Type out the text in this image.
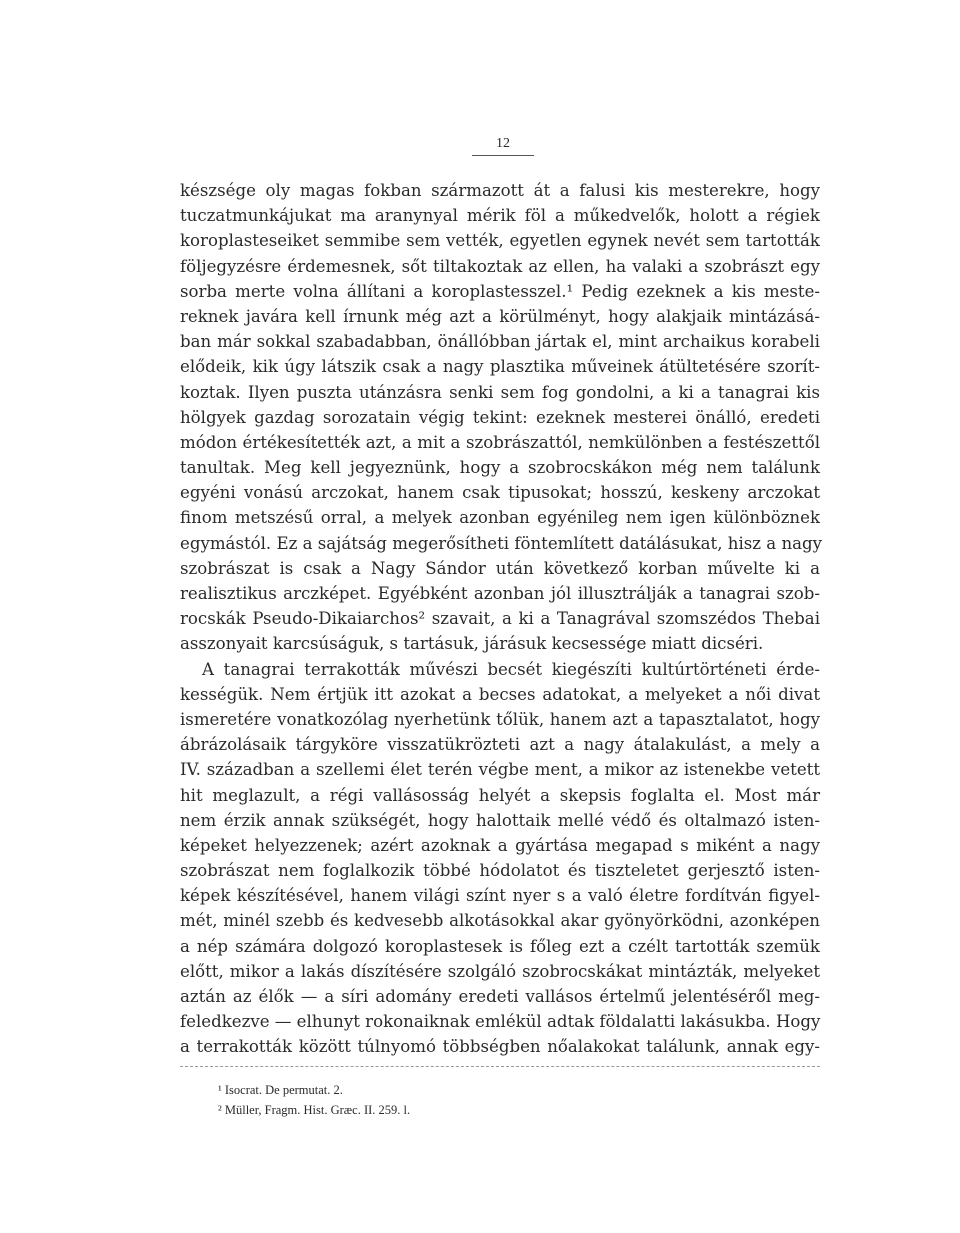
12
készsége oly magas fokban származott át a falusi kis mesterekre, hogy
tuczatmunkájukat ma aranynyal mérik föl a műkedvelők, holott a régiek
koroplasteseiket semmibe sem vették, egyetlen egynek nevét sem tartották
följegyzésre érdemesnek, sőt tiltakoztak az ellen, ha valaki a szobrászt egy
sorba merte volna állítani a koroplastesszel.¹ Pedig ezeknek a kis meste-
reknek javára kell írnunk még azt a körülményt, hogy alakjaik mintázásá-
ban már sokkal szabadabban, önállóbban jártak el, mint archaikus korabeli
elődeik, kik úgy látszik csak a nagy plasztika műveinek átültetésére szorít-
koztak. Ilyen puszta utánzásra senki sem fog gondolni, a ki a tanagrai kis
hölgyek gazdag sorozatain végig tekint: ezeknek mesterei önálló, eredeti
módon értékesítették azt, a mit a szobrászattól, nemkülönben a festészettől
tanultak. Meg kell jegyeznünk, hogy a szobrocskákon még nem találunk
egyéni vonású arczokat, hanem csak tipusokat; hosszú, keskeny arczokat
finom metszésű orral, a melyek azonban egyénileg nem igen különböznek
egymástól. Ez a sajátság megerősítheti föntemlített datálásukat, hisz a nagy
szobrászat is csak a Nagy Sándor után következő korban művelte ki a
realisztikus arczképet. Egyébként azonban jól illusztrálják a tanagrai szob-
rocskák Pseudo-Dikaiarchos² szavait, a ki a Tanagrával szomszédos Thebai
asszonyait karcsúságuk, s tartásuk, járásuk kecsessége miatt dicséri.
A tanagrai terrakották művészi becsét kiegészíti kultúrtörténeti érde-
kességük. Nem értjük itt azokat a becses adatokat, a melyeket a női divat
ismeretére vonatkozólag nyerhetünk tőlük, hanem azt a tapasztalatot, hogy
ábrázolásaik tárgyköre visszatükrözteti azt a nagy átalakulást, a mely a
IV. században a szellemi élet terén végbe ment, a mikor az istenekbe vetett
hit meglazult, a régi vallásosság helyét a skepsis foglalta el. Most már
nem érzik annak szükségét, hogy halottaik mellé védő és oltalmazó isten-
képeket helyezzenek; azért azoknak a gyártása megapad s miként a nagy
szobrászat nem foglalkozik többé hódolatot és tiszteletet gerjesztő isten-
képek készítésével, hanem világi színt nyer s a való életre fordítván figyel-
mét, minél szebb és kedvesebb alkotásokkal akar gyönyörködni, azonképen
a nép számára dolgozó koroplastesek is főleg ezt a czélt tartották szemük
előtt, mikor a lakás díszítésére szolgáló szobrocskákat mintázták, melyeket
aztán az élők — a síri adomány eredeti vallásos értelmű jelentéséről meg-
feledkezve — elhunyt rokonaiknak emlékül adtak földalatti lakásukba. Hogy
a terrakották között túlnyomó többségben nőalakokat találunk, annak egy-
¹ Isocrat. De permutat. 2.
² Müller, Fragm. Hist. Græc. II. 259. l.
